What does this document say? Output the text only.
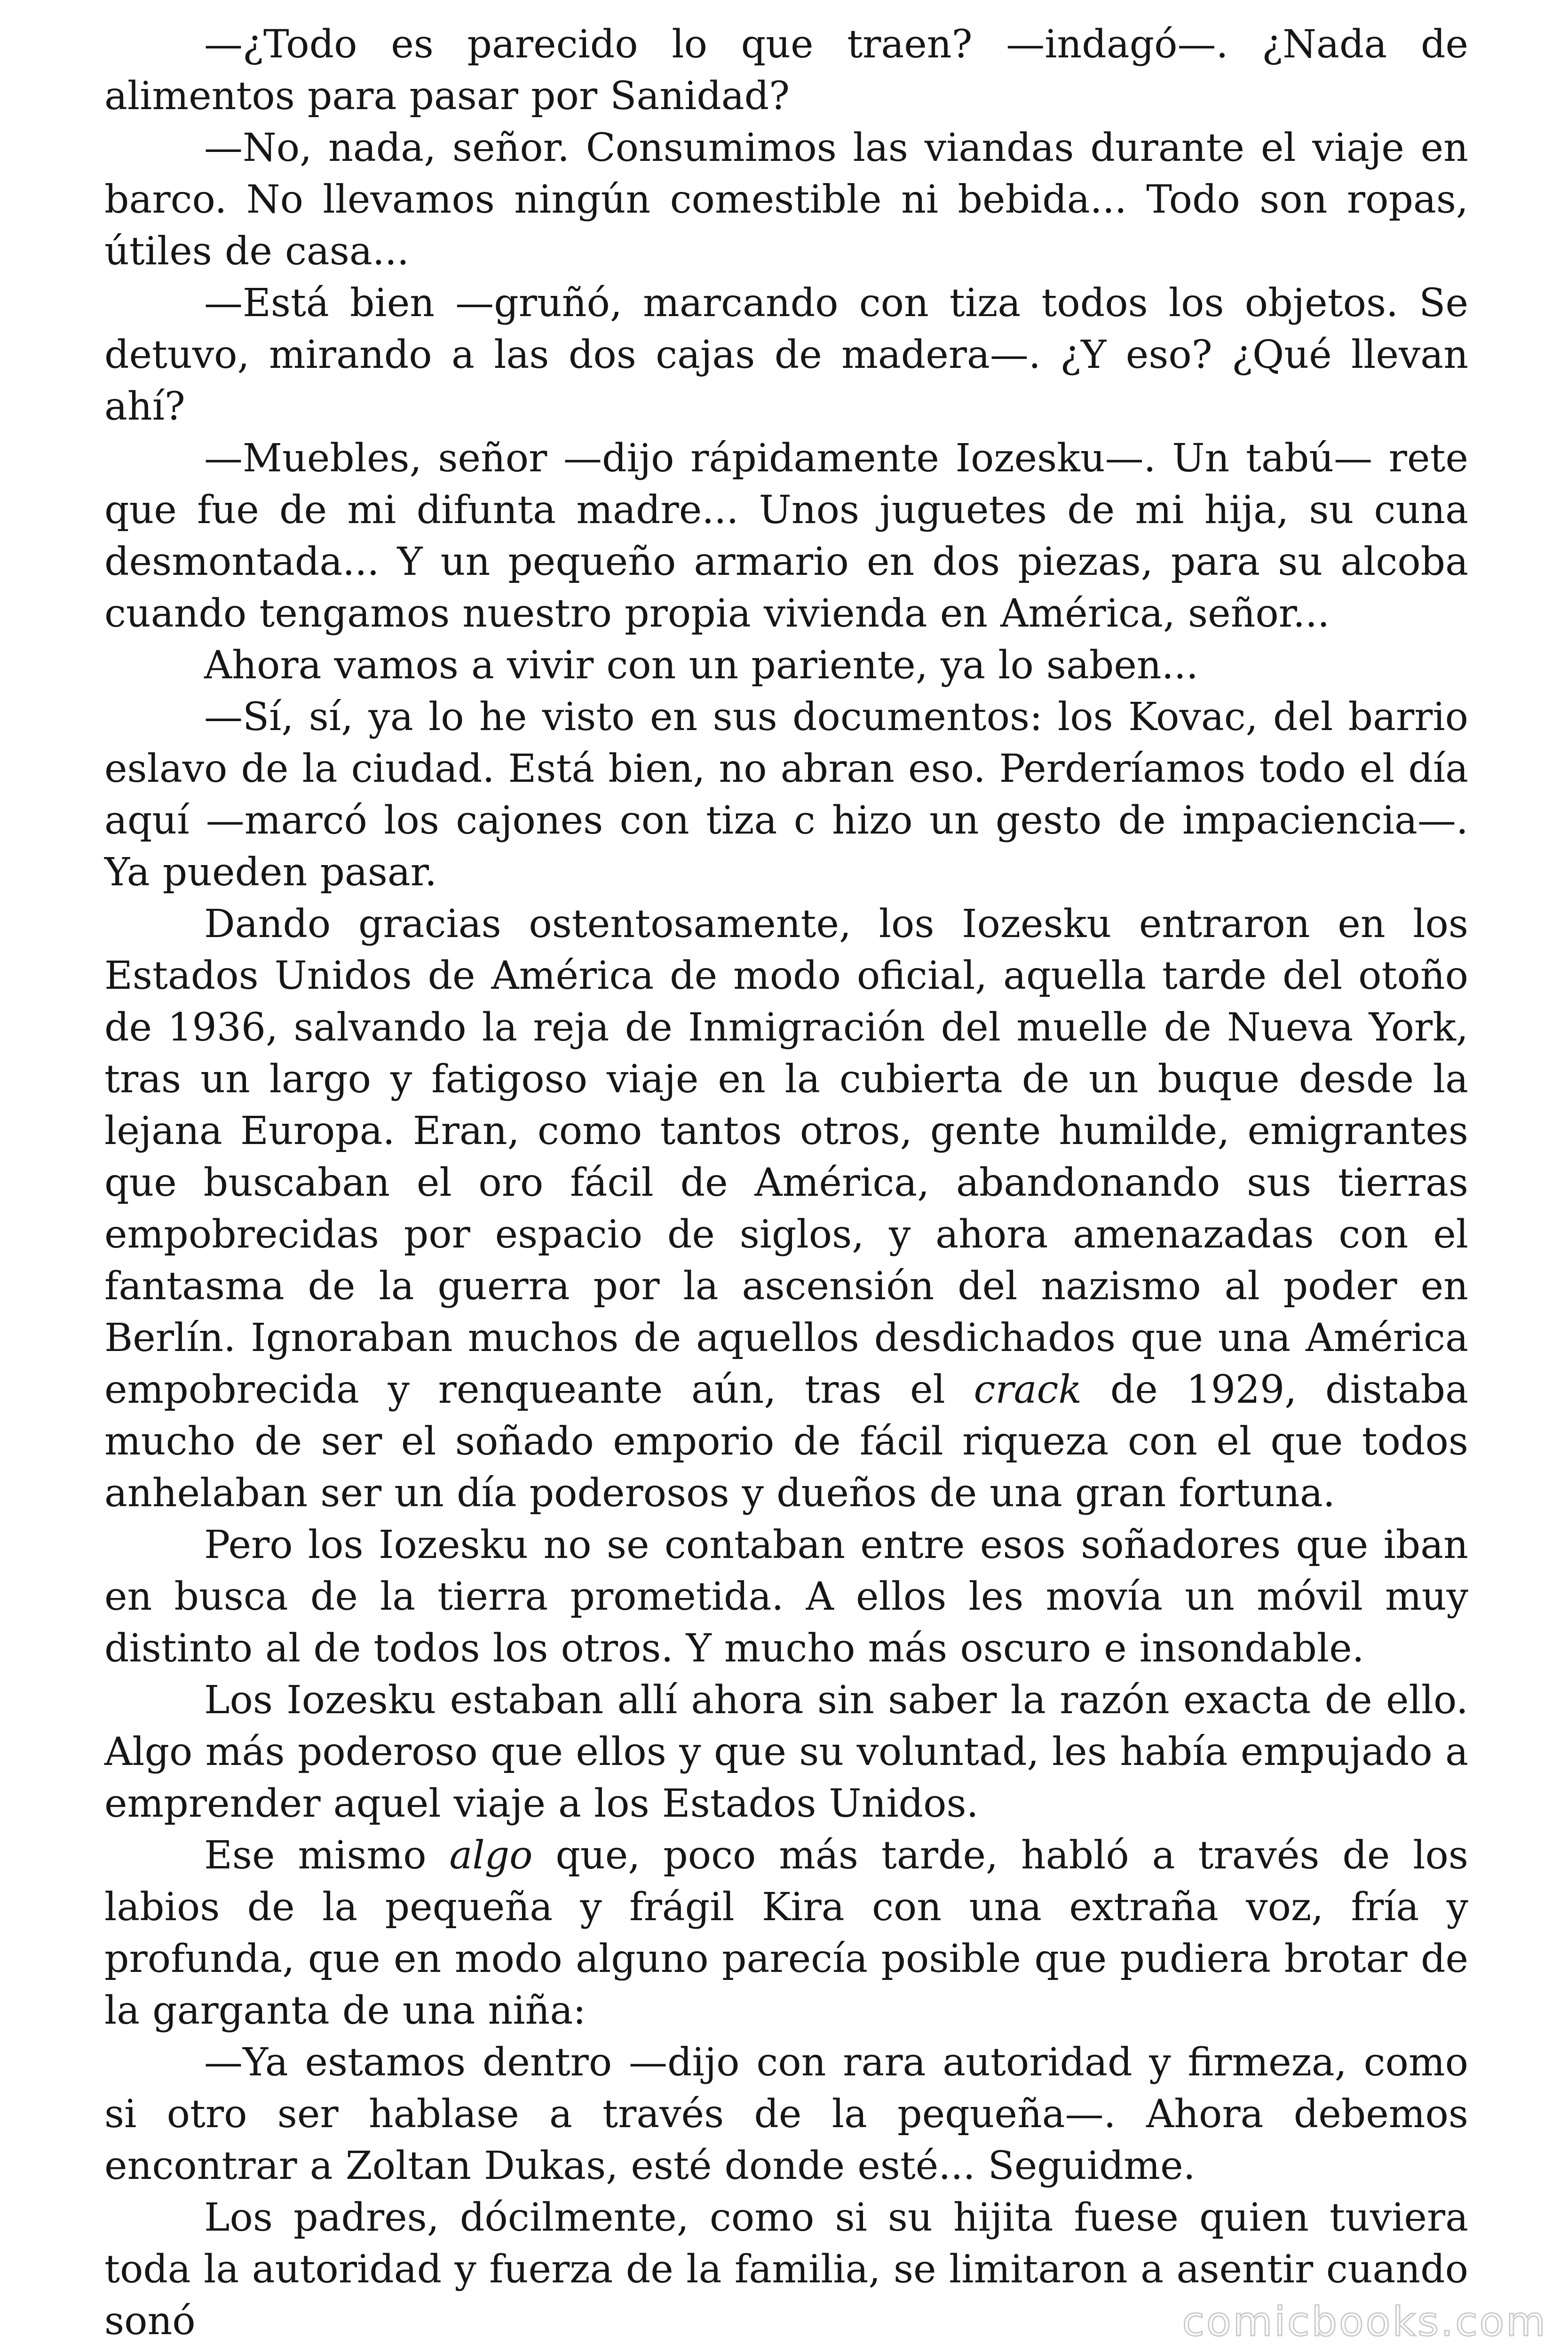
—¿Todo es parecido lo que traen? —indagó—. ¿Nada de alimentos para pasar por Sanidad?

—No, nada, señor. Consumimos las viandas durante el viaje en barco. No llevamos ningún comestible ni bebida... Todo son ropas, útiles de casa...

—Está bien —gruñó, marcando con tiza todos los objetos. Se detuvo, mirando a las dos cajas de madera—. ¿Y eso? ¿Qué llevan ahí?

—Muebles, señor —dijo rápidamente Iozesku—. Un tabú— rete que fue de mi difunta madre... Unos juguetes de mi hija, su cuna desmontada... Y un pequeño armario en dos piezas, para su alcoba cuando tengamos nuestro propia vivienda en América, señor...

Ahora vamos a vivir con un pariente, ya lo saben...

—Sí, sí, ya lo he visto en sus documentos: los Kovac, del barrio eslavo de la ciudad. Está bien, no abran eso. Perderíamos todo el día aquí —marcó los cajones con tiza c hizo un gesto de impaciencia—. Ya pueden pasar.

Dando gracias ostentosamente, los Iozesku entraron en los Estados Unidos de América de modo oficial, aquella tarde del otoño de 1936, salvando la reja de Inmigración del muelle de Nueva York, tras un largo y fatigoso viaje en la cubierta de un buque desde la lejana Europa. Eran, como tantos otros, gente humilde, emigrantes que buscaban el oro fácil de América, abandonando sus tierras empobrecidas por espacio de siglos, y ahora amenazadas con el fantasma de la guerra por la ascensión del nazismo al poder en Berlín. Ignoraban muchos de aquellos desdichados que una América empobrecida y renqueante aún, tras el crack de 1929, distaba mucho de ser el soñado emporio de fácil riqueza con el que todos anhelaban ser un día poderosos y dueños de una gran fortuna.

Pero los Iozesku no se contaban entre esos soñadores que iban en busca de la tierra prometida. A ellos les movía un móvil muy distinto al de todos los otros. Y mucho más oscuro e insondable.

Los Iozesku estaban allí ahora sin saber la razón exacta de ello. Algo más poderoso que ellos y que su voluntad, les había empujado a emprender aquel viaje a los Estados Unidos.

Ese mismo algo que, poco más tarde, habló a través de los labios de la pequeña y frágil Kira con una extraña voz, fría y profunda, que en modo alguno parecía posible que pudiera brotar de la garganta de una niña:

—Ya estamos dentro —dijo con rara autoridad y firmeza, como si otro ser hablase a través de la pequeña—. Ahora debemos encontrar a Zoltan Dukas, esté donde esté... Seguidme.

Los padres, dócilmente, como si su hijita fuese quien tuviera toda la autoridad y fuerza de la familia, se limitaron a asentir cuando sonó	comicbooks.com
